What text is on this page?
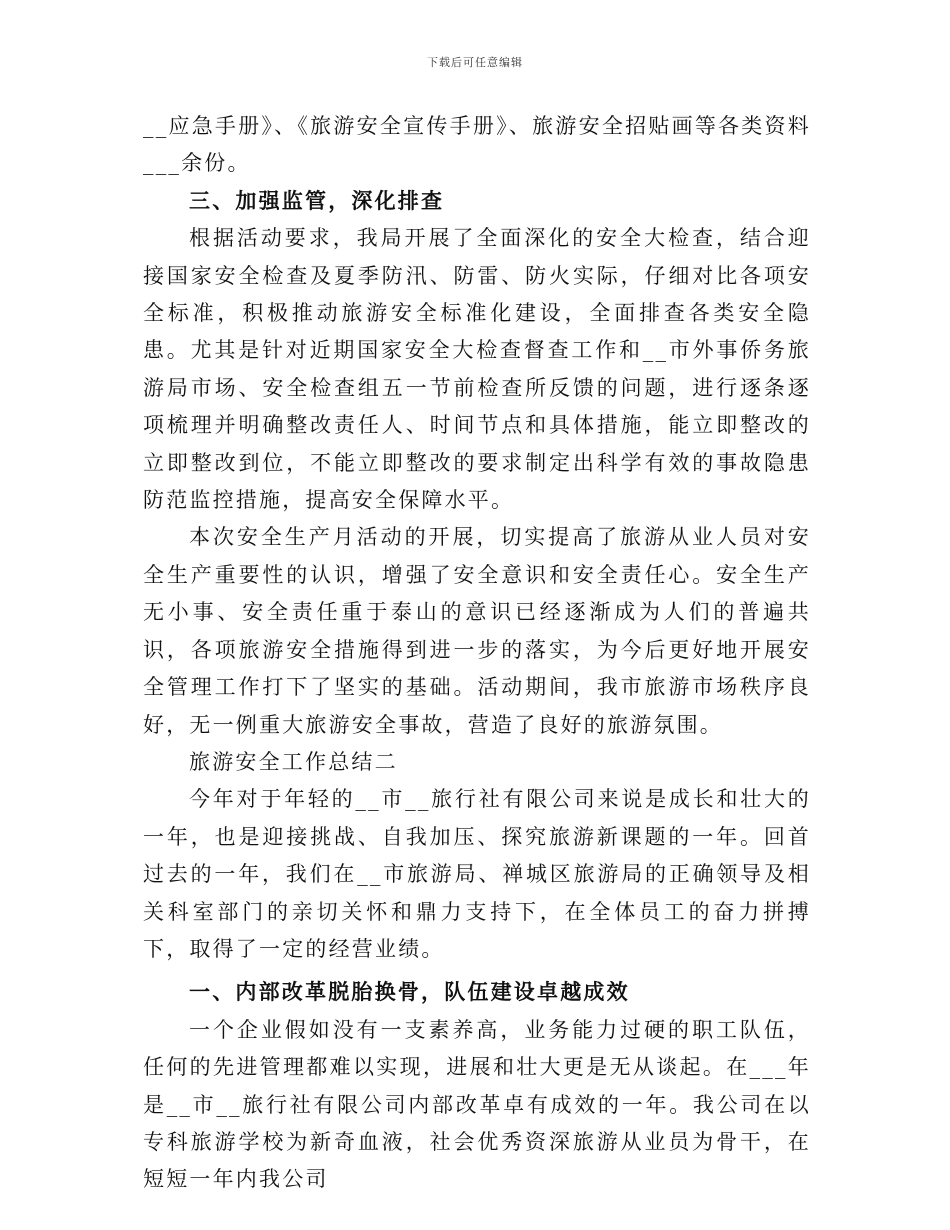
下载后可任意编辑

__应急手册》、《旅游安全宣传手册》、旅游安全招贴画等各类资料___余份。

三、加强监管，深化排查

根据活动要求，我局开展了全面深化的安全大检查，结合迎接国家安全检查及夏季防汛、防雷、防火实际，仔细对比各项安全标准，积极推动旅游安全标准化建设，全面排查各类安全隐患。尤其是针对近期国家安全大检查督查工作和__市外事侨务旅游局市场、安全检查组五一节前检查所反馈的问题，进行逐条逐项梳理并明确整改责任人、时间节点和具体措施，能立即整改的立即整改到位，不能立即整改的要求制定出科学有效的事故隐患防范监控措施，提高安全保障水平。

本次安全生产月活动的开展，切实提高了旅游从业人员对安全生产重要性的认识，增强了安全意识和安全责任心。安全生产无小事、安全责任重于泰山的意识已经逐渐成为人们的普遍共识，各项旅游安全措施得到进一步的落实，为今后更好地开展安全管理工作打下了坚实的基础。活动期间，我市旅游市场秩序良好，无一例重大旅游安全事故，营造了良好的旅游氛围。

旅游安全工作总结二

今年对于年轻的__市__旅行社有限公司来说是成长和壮大的一年，也是迎接挑战、自我加压、探究旅游新课题的一年。回首过去的一年，我们在__市旅游局、禅城区旅游局的正确领导及相关科室部门的亲切关怀和鼎力支持下，在全体员工的奋力拼搏下，取得了一定的经营业绩。

一、内部改革脱胎换骨，队伍建设卓越成效

一个企业假如没有一支素养高，业务能力过硬的职工队伍，任何的先进管理都难以实现，进展和壮大更是无从谈起。在___年是__市__旅行社有限公司内部改革卓有成效的一年。我公司在以专科旅游学校为新奇血液，社会优秀资深旅游从业员为骨干，在短短一年内我公司
